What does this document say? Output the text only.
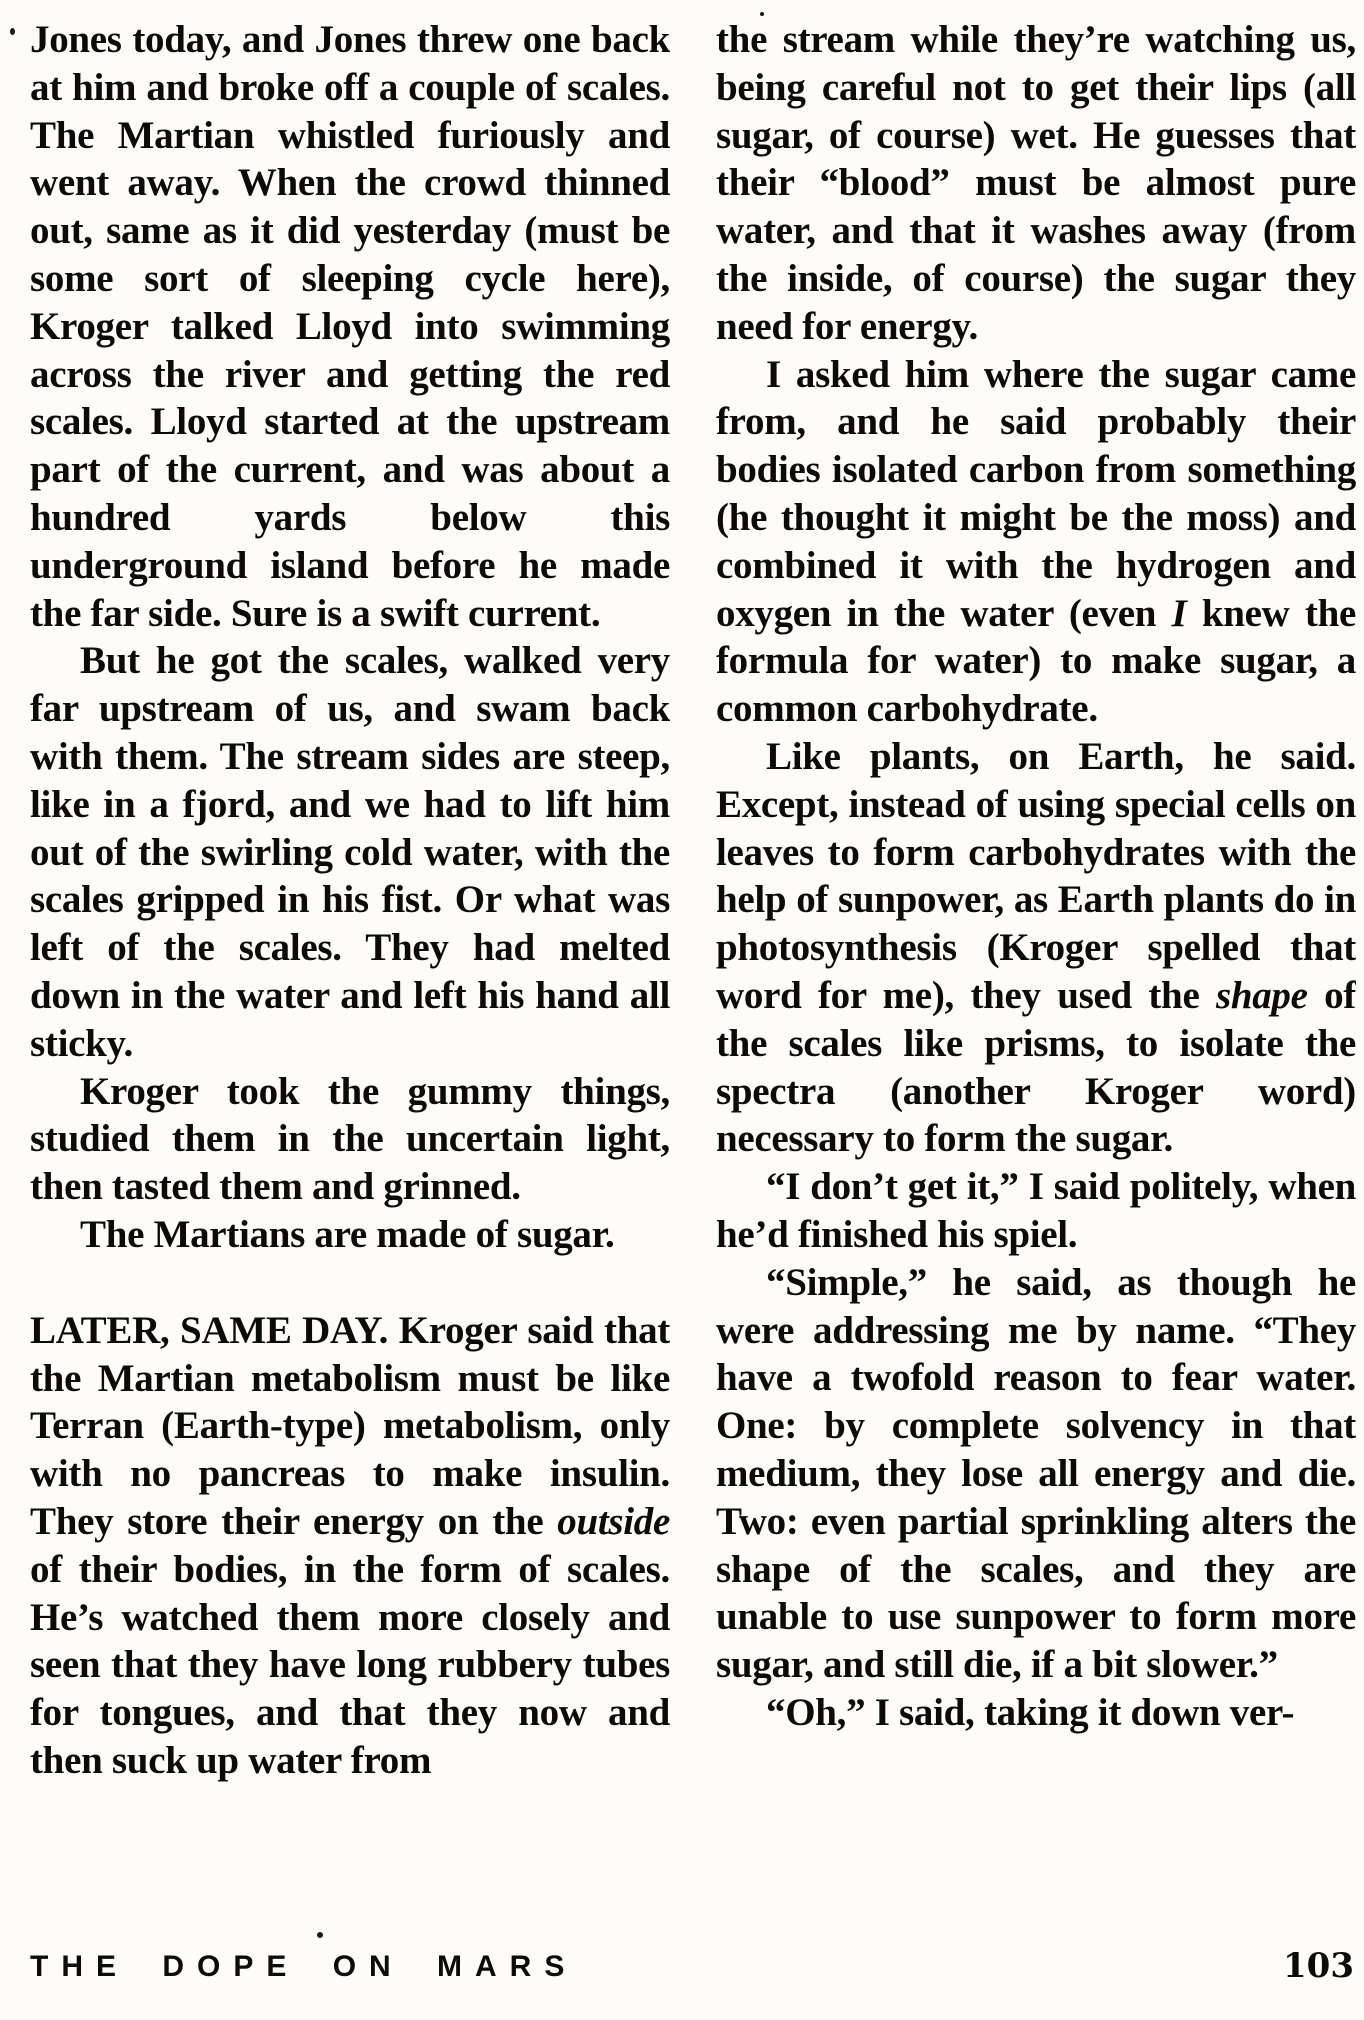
Jones today, and Jones threw one back at him and broke off a couple of scales. The Martian whistled furiously and went away. When the crowd thinned out, same as it did yesterday (must be some sort of sleeping cycle here), Kroger talked Lloyd into swimming across the river and getting the red scales. Lloyd started at the upstream part of the current, and was about a hundred yards below this underground island before he made the far side. Sure is a swift current.

But he got the scales, walked very far upstream of us, and swam back with them. The stream sides are steep, like in a fjord, and we had to lift him out of the swirling cold water, with the scales gripped in his fist. Or what was left of the scales. They had melted down in the water and left his hand all sticky.

Kroger took the gummy things, studied them in the uncertain light, then tasted them and grinned.

The Martians are made of sugar.

LATER, SAME DAY. Kroger said that the Martian metabolism must be like Terran (Earth-type) metabolism, only with no pancreas to make insulin. They store their energy on the outside of their bodies, in the form of scales. He’s watched them more closely and seen that they have long rubbery tubes for tongues, and that they now and then suck up water from

the stream while they’re watching us, being careful not to get their lips (all sugar, of course) wet. He guesses that their “blood” must be almost pure water, and that it washes away (from the inside, of course) the sugar they need for energy.

I asked him where the sugar came from, and he said probably their bodies isolated carbon from something (he thought it might be the moss) and combined it with the hydrogen and oxygen in the water (even I knew the formula for water) to make sugar, a common carbohydrate.

Like plants, on Earth, he said. Except, instead of using special cells on leaves to form carbohydrates with the help of sunpower, as Earth plants do in photosynthesis (Kroger spelled that word for me), they used the shape of the scales like prisms, to isolate the spectra (another Kroger word) necessary to form the sugar.

“I don’t get it,” I said politely, when he’d finished his spiel.

“Simple,” he said, as though he were addressing me by name. “They have a twofold reason to fear water. One: by complete solvency in that medium, they lose all energy and die. Two: even partial sprinkling alters the shape of the scales, and they are unable to use sunpower to form more sugar, and still die, if a bit slower.”

“Oh,” I said, taking it down ver-

THE DOPE ON MARS	103
